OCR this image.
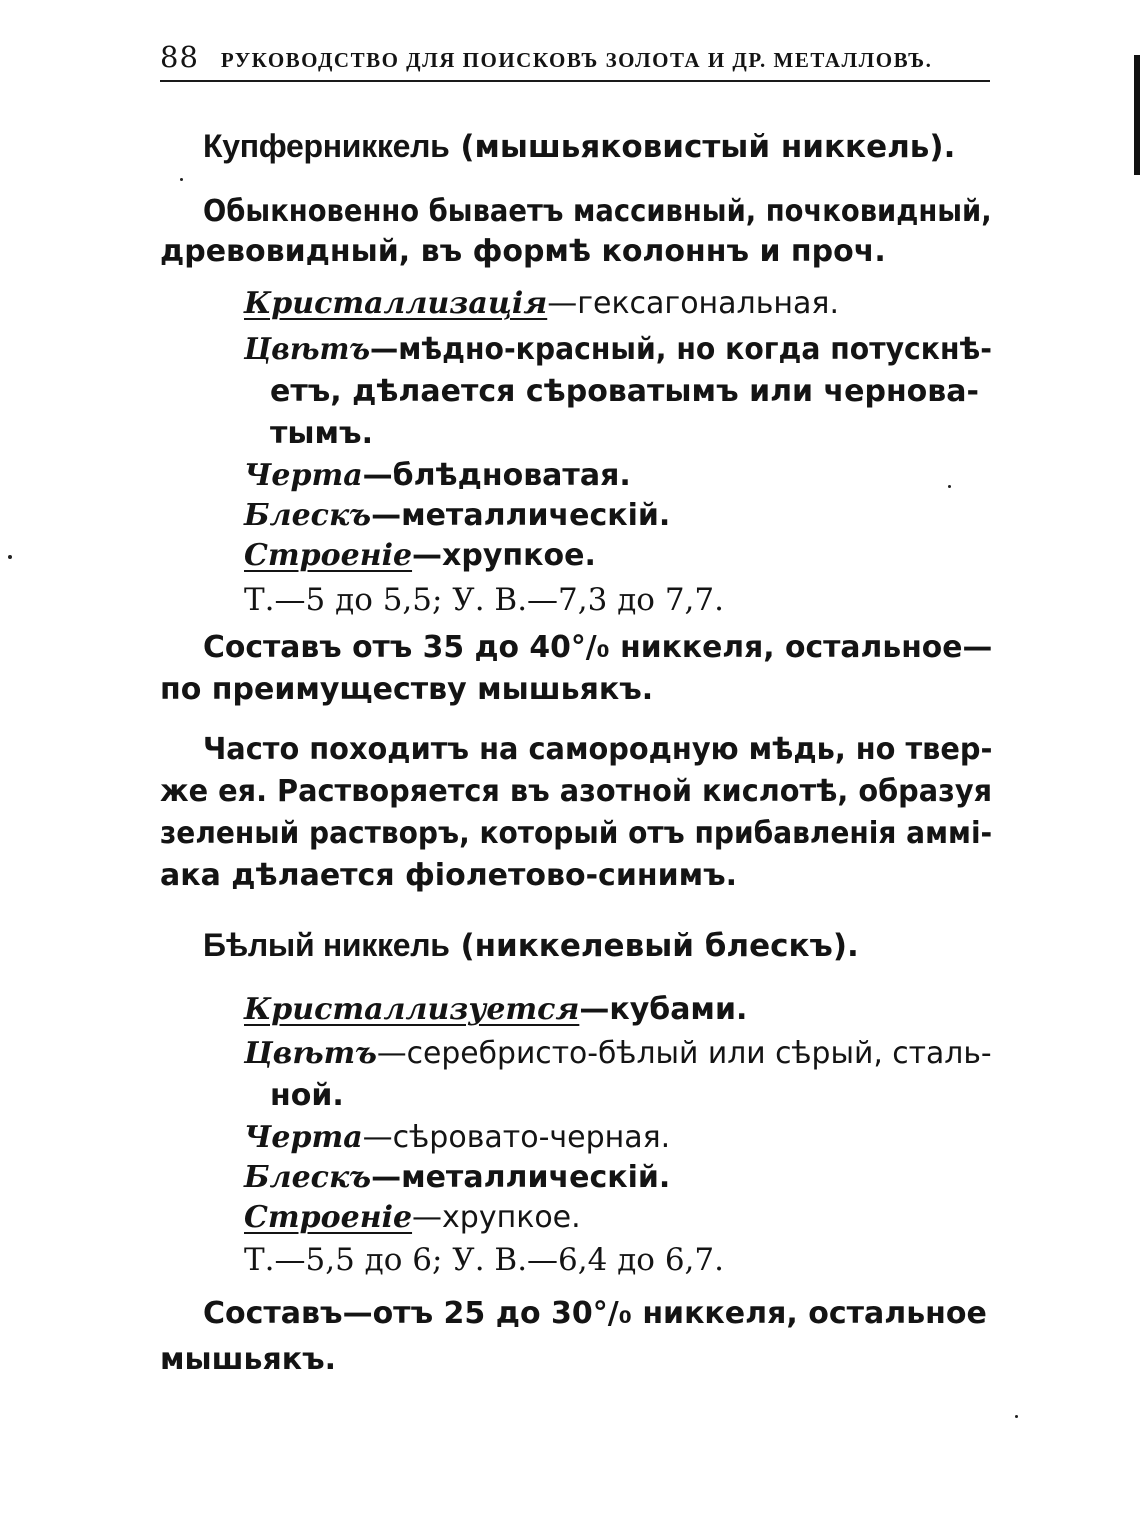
88 РУКОВОДСТВО ДЛЯ ПОИСКОВЪ ЗОЛОТА И ДР. МЕТАЛЛОВЪ.
Купферниккель (мышьяковистый никкель).
Обыкновенно бываетъ массивный, почковидный,
древовидный, въ формѣ колоннъ и проч.
Кристаллизація—гексагональная.
Цвѣтъ—мѣдно-красный, но когда потускнѣ-
етъ, дѣлается сѣроватымъ или чернова-
тымъ.
Черта—блѣдноватая.
Блескъ—металлическій.
Строеніе—хрупкое.
Т.—5 до 5,5; У. В.—7,3 до 7,7.
Составъ отъ 35 до 40°/₀ никкеля, остальное—
по преимуществу мышьякъ.
Часто походитъ на самородную мѣдь, но твер-
же ея. Растворяется въ азотной кислотѣ, образуя
зеленый растворъ, который отъ прибавленія аммі-
ака дѣлается фіолетово-синимъ.
Бѣлый никкель (никкелевый блескъ).
Кристаллизуется—кубами.
Цвѣтъ—серебристо-бѣлый или сѣрый, сталь-
ной.
Черта—сѣровато-черная.
Блескъ—металлическій.
Строеніе—хрупкое.
Т.—5,5 до 6; У. В.—6,4 до 6,7.
Составъ—отъ 25 до 30°/₀ никкеля, остальное
мышьякъ.
